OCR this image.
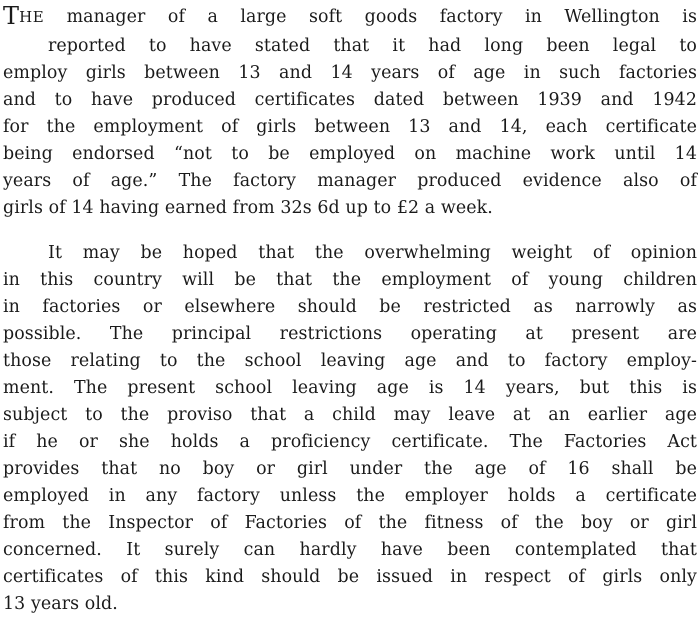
THE manager of a large soft goods factory in Wellington is
reported to have stated that it had long been legal to
employ girls between 13 and 14 years of age in such factories
and to have produced certificates dated between 1939 and 1942
for the employment of girls between 13 and 14, each certificate
being endorsed “not to be employed on machine work until 14
years of age.” The factory manager produced evidence also of
girls of 14 having earned from 32s 6d up to £2 a week.
It may be hoped that the overwhelming weight of opinion
in this country will be that the employment of young children
in factories or elsewhere should be restricted as narrowly as
possible. The principal restrictions operating at present are
those relating to the school leaving age and to factory employ-
ment. The present school leaving age is 14 years, but this is
subject to the proviso that a child may leave at an earlier age
if he or she holds a proficiency certificate. The Factories Act
provides that no boy or girl under the age of 16 shall be
employed in any factory unless the employer holds a certificate
from the Inspector of Factories of the fitness of the boy or girl
concerned. It surely can hardly have been contemplated that
certificates of this kind should be issued in respect of girls only
13 years old.
